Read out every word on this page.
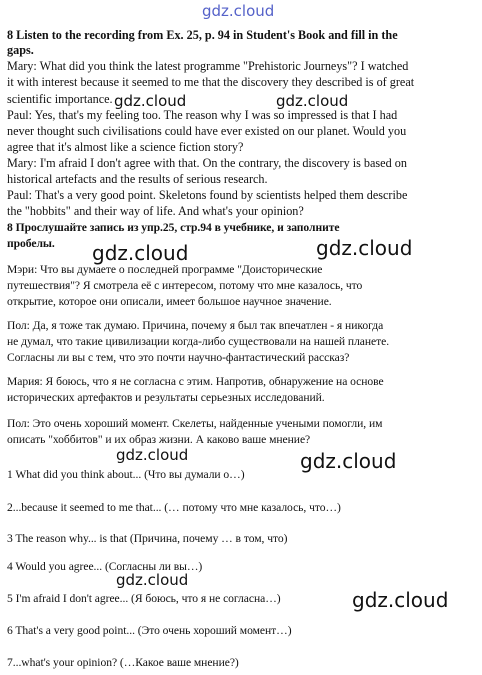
gdz.cloud
8 Listen to the recording from Ex. 25, p. 94 in Student's Book and fill in the
gaps.
Mary: What did you think the latest programme "Prehistoric Journeys"? I watched
it with interest because it seemed to me that the discovery they described is of great
scientific importance.
Paul: Yes, that's my feeling too. The reason why I was so impressed is that I had
never thought such civilisations could have ever existed on our planet. Would you
agree that it's almost like a science fiction story?
Mary: I'm afraid I don't agree with that. On the contrary, the discovery is based on
historical artefacts and the results of serious research.
Paul: That's a very good point. Skeletons found by scientists helped them describe
the "hobbits" and their way of life. And what's your opinion?
8 Прослушайте запись из упр.25, стр.94 в учебнике, и заполните
пробелы.
Мэри: Что вы думаете о последней программе "Доисторические
путешествия"? Я смотрела её с интересом, потому что мне казалось, что
открытие, которое они описали, имеет большое научное значение.
Пол: Да, я тоже так думаю. Причина, почему я был так впечатлен - я никогда
не думал, что такие цивилизации когда-либо существовали на нашей планете.
Согласны ли вы с тем, что это почти научно-фантастический рассказ?
Мария: Я боюсь, что я не согласна с этим. Напротив, обнаружение на основе
исторических артефактов и результаты серьезных исследований.
Пол: Это очень хороший момент. Скелеты, найденные учеными помогли, им
описать "хоббитов" и их образ жизни. А каково ваше мнение?
1 What did you think about... (Что вы думали о…)
2...because it seemed to me that... (… потому что мне казалось, что…)
3 The reason why... is that (Причина, почему … в том, что)
4 Would you agree... (Согласны ли вы…)
5 I'm afraid I don't agree... (Я боюсь, что я не согласна…)
6 That's a very good point... (Это очень хороший момент…)
7...what's your opinion? (…Какое ваше мнение?)
gdz.cloud	gdz.cloud
gdz.cloud	gdz.cloud
gdz.cloud	gdz.cloud
gdz.cloud
gdz.cloud
